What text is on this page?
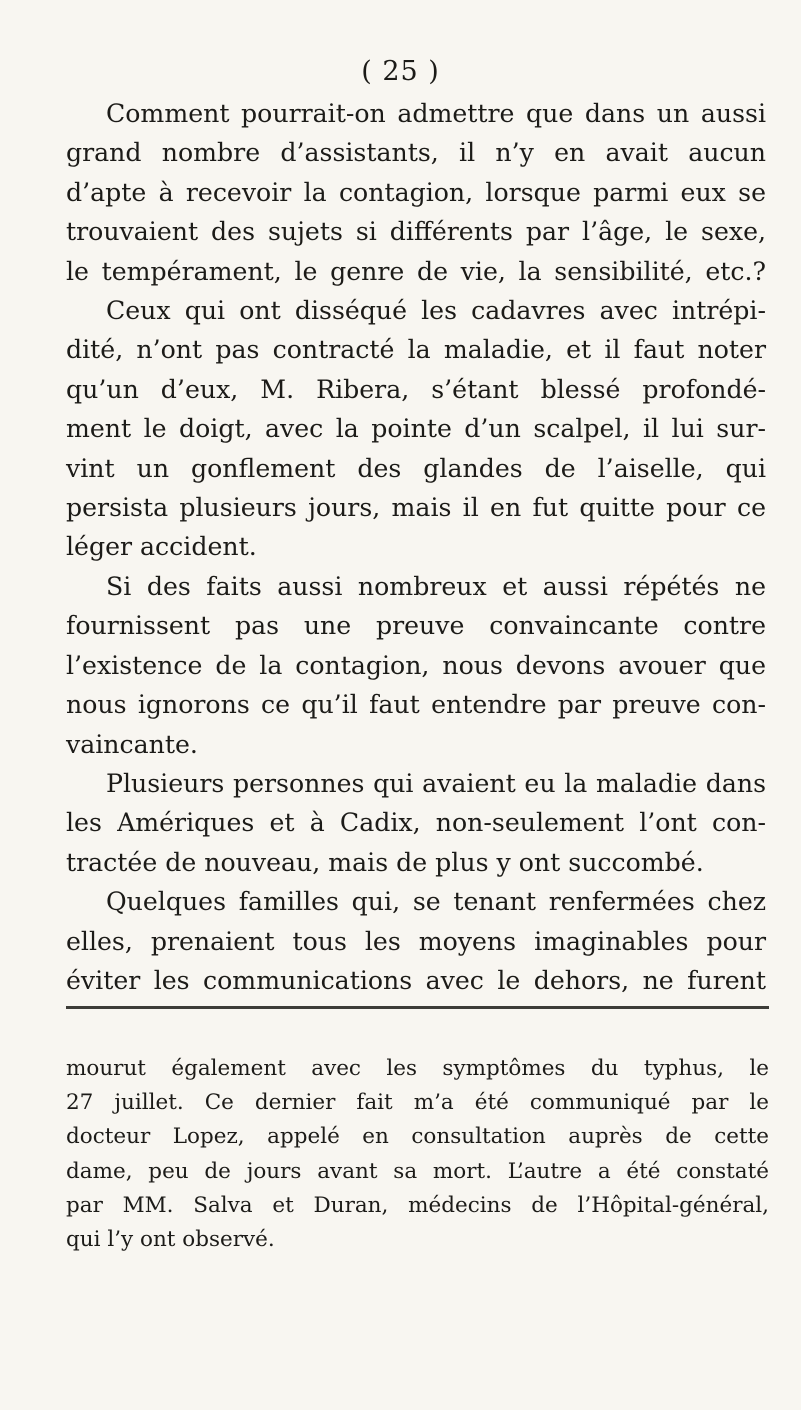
( 25 )
Comment pourrait-on admettre que dans un aussi
grand nombre d’assistants, il n’y en avait aucun
d’apte à recevoir la contagion, lorsque parmi eux se
trouvaient des sujets si différents par l’âge, le sexe,
le tempérament, le genre de vie, la sensibilité, etc.?
Ceux qui ont disséqué les cadavres avec intrépi-
dité, n’ont pas contracté la maladie, et il faut noter
qu’un d’eux, M. Ribera, s’étant blessé profondé-
ment le doigt, avec la pointe d’un scalpel, il lui sur-
vint un gonflement des glandes de l’aiselle, qui
persista plusieurs jours, mais il en fut quitte pour ce
léger accident.
Si des faits aussi nombreux et aussi répétés ne
fournissent pas une preuve convaincante contre
l’existence de la contagion, nous devons avouer que
nous ignorons ce qu’il faut entendre par preuve con-
vaincante.
Plusieurs personnes qui avaient eu la maladie dans
les Amériques et à Cadix, non-seulement l’ont con-
tractée de nouveau, mais de plus y ont succombé.
Quelques familles qui, se tenant renfermées chez
elles, prenaient tous les moyens imaginables pour
éviter les communications avec le dehors, ne furent
mourut également avec les symptômes du typhus, le
27 juillet. Ce dernier fait m’a été communiqué par le
docteur Lopez, appelé en consultation auprès de cette
dame, peu de jours avant sa mort. L’autre a été constaté
par MM. Salva et Duran, médecins de l’Hôpital-général,
qui l’y ont observé.
